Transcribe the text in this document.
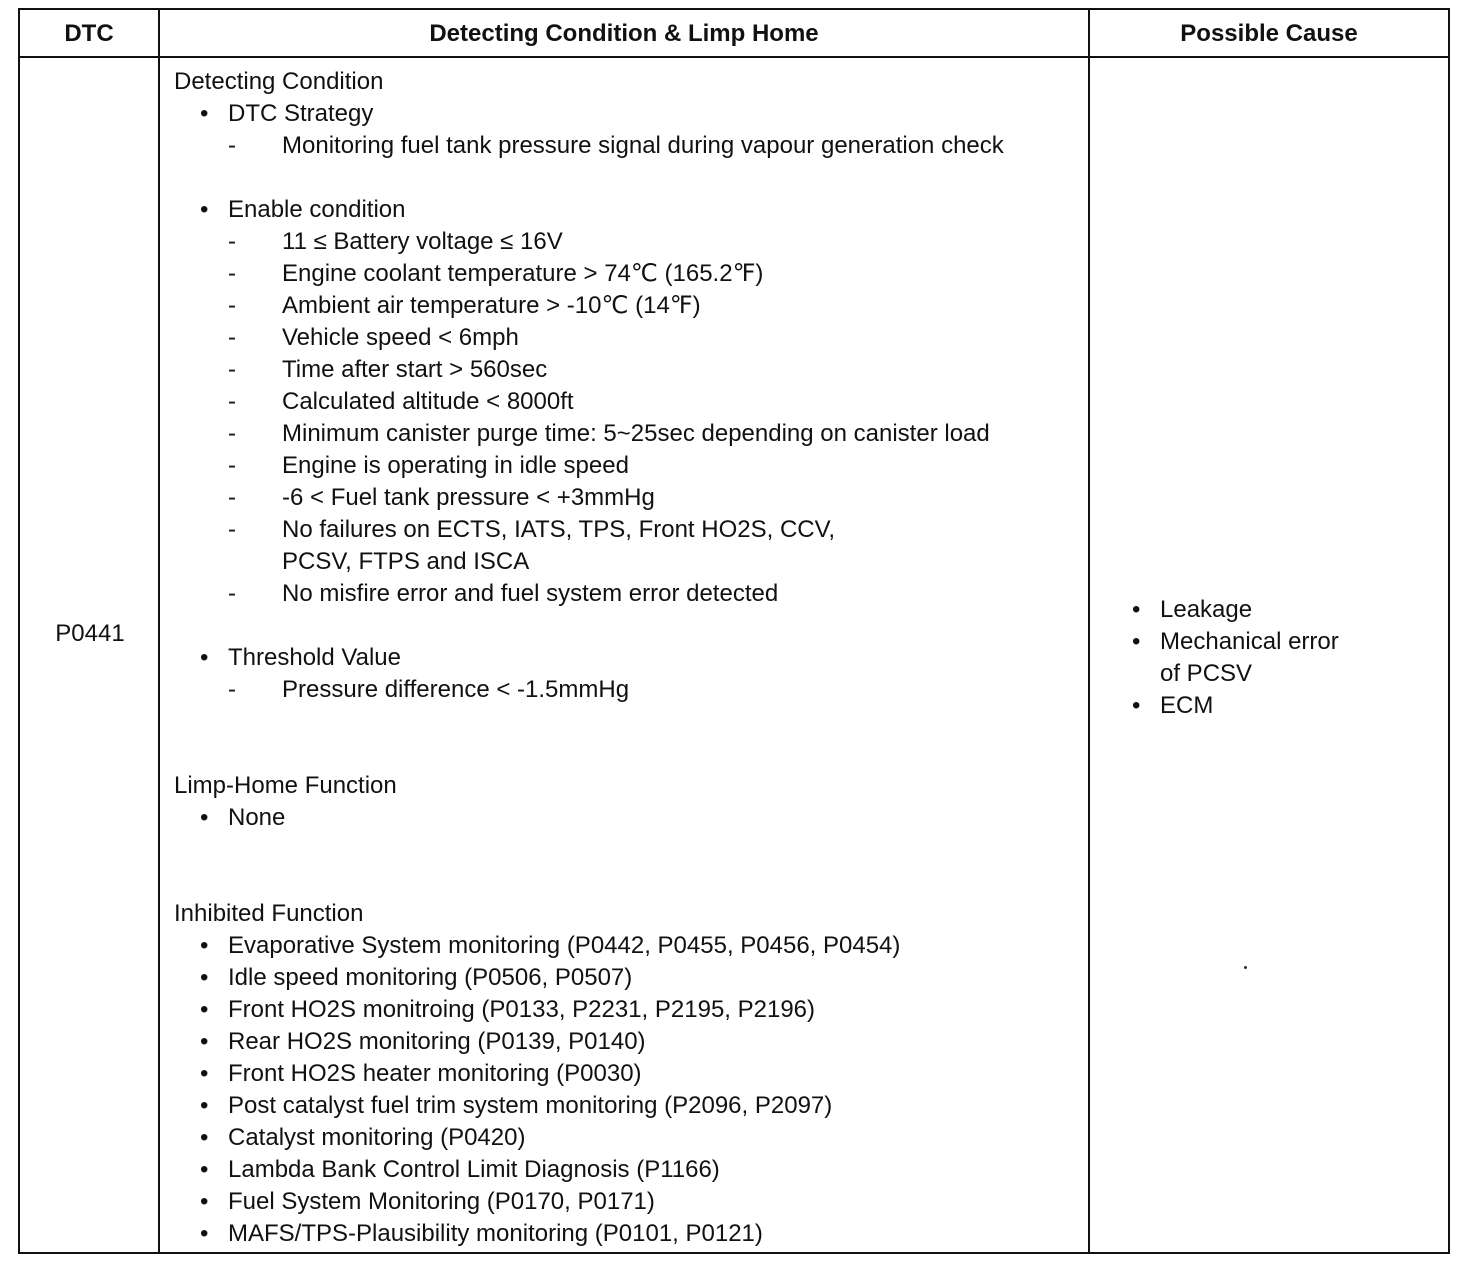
DTC	Detecting Condition & Limp Home	Possible Cause
P0441
Detecting Condition
• DTC Strategy
- Monitoring fuel tank pressure signal during vapour generation check
• Enable condition
- 11 ≤ Battery voltage ≤ 16V
- Engine coolant temperature > 74℃ (165.2℉)
- Ambient air temperature > -10℃ (14℉)
- Vehicle speed < 6mph
- Time after start > 560sec
- Calculated altitude < 8000ft
- Minimum canister purge time: 5~25sec depending on canister load
- Engine is operating in idle speed
- -6 < Fuel tank pressure < +3mmHg
- No failures on ECTS, IATS, TPS, Front HO2S, CCV,
PCSV, FTPS and ISCA
- No misfire error and fuel system error detected
• Threshold Value
- Pressure difference < -1.5mmHg
Limp-Home Function
• None
Inhibited Function
• Evaporative System monitoring (P0442, P0455, P0456, P0454)
• Idle speed monitoring (P0506, P0507)
• Front HO2S monitroing (P0133, P2231, P2195, P2196)
• Rear HO2S monitoring (P0139, P0140)
• Front HO2S heater monitoring (P0030)
• Post catalyst fuel trim system monitoring (P2096, P2097)
• Catalyst monitoring (P0420)
• Lambda Bank Control Limit Diagnosis (P1166)
• Fuel System Monitoring (P0170, P0171)
• MAFS/TPS-Plausibility monitoring (P0101, P0121)
• Leakage
• Mechanical error
of PCSV
• ECM
